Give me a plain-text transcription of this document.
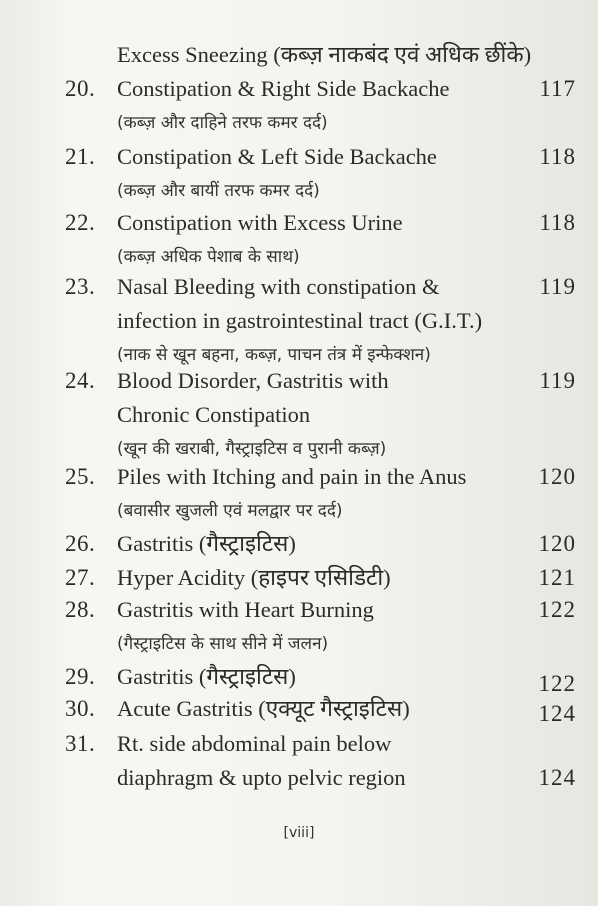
Excess Sneezing (कब्ज़ नाकबंद एवं अधिक छींके)
20. Constipation & Right Side Backache	117
(कब्ज़ और दाहिने तरफ कमर दर्द)
21. Constipation & Left Side Backache	118
(कब्ज़ और बायीं तरफ कमर दर्द)
22. Constipation with Excess Urine	118
(कब्ज़ अधिक पेशाब के साथ)
23. Nasal Bleeding with constipation &	119
infection in gastrointestinal tract (G.I.T.)
(नाक से खून बहना, कब्ज़, पाचन तंत्र में इन्फेक्शन)
24. Blood Disorder, Gastritis with	119
Chronic Constipation
(खून की खराबी, गैस्ट्राइटिस व पुरानी कब्ज़)
25. Piles with Itching and pain in the Anus	120
(बवासीर खुजली एवं मलद्वार पर दर्द)
26. Gastritis (गैस्ट्राइटिस)	120
27. Hyper Acidity (हाइपर एसिडिटी)	121
28. Gastritis with Heart Burning	122
(गैस्ट्राइटिस के साथ सीने में जलन)
29. Gastritis (गैस्ट्राइटिस)	122
30. Acute Gastritis (एक्यूट गैस्ट्राइटिस)	124
31. Rt. side abdominal pain below
diaphragm & upto pelvic region	124
[viii]
